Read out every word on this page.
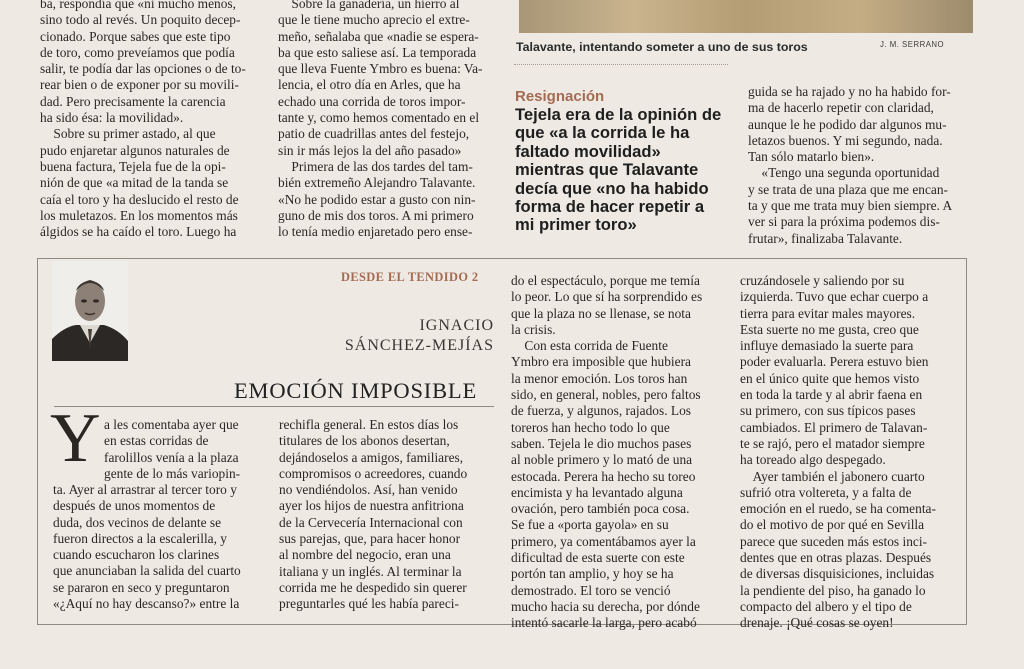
ba, respondía que «ni mucho menos,
sino todo al revés. Un poquito decep-
cionado. Porque sabes que este tipo
de toro, como preveíamos que podía
salir, te podía dar las opciones o de to-
rear bien o de exponer por su movili-
dad. Pero precisamente la carencia
ha sido ésa: la movilidad».
Sobre su primer astado, al que
pudo enjaretar algunos naturales de
buena factura, Tejela fue de la opi-
nión de que «a mitad de la tanda se
caía el toro y ha deslucido el resto de
los muletazos. En los momentos más
álgidos se ha caído el toro. Luego ha
Sobre la ganadería, un hierro al
que le tiene mucho aprecio el extre-
meño, señalaba que «nadie se espera-
ba que esto saliese así. La temporada
que lleva Fuente Ymbro es buena: Va-
lencia, el otro día en Arles, que ha
echado una corrida de toros impor-
tante y, como hemos comentado en el
patio de cuadrillas antes del festejo,
sin ir más lejos la del año pasado»
Primera de las dos tardes del tam-
bién extremeño Alejandro Talavante.
«No he podido estar a gusto con nin-
guno de mis dos toros. A mi primero
lo tenía medio enjaretado pero ense-
Talavante, intentando someter a uno de sus toros	J. M. SERRANO
Resignación
Tejela era de la opinión de
que «a la corrida le ha
faltado movilidad»
mientras que Talavante
decía que «no ha habido
forma de hacer repetir a
mi primer toro»
guida se ha rajado y no ha habido for-
ma de hacerlo repetir con claridad,
aunque le he podido dar algunos mu-
letazos buenos. Y mi segundo, nada.
Tan sólo matarlo bien».
«Tengo una segunda oportunidad
y se trata de una plaza que me encan-
ta y que me trata muy bien siempre. A
ver si para la próxima podemos dis-
frutar», finalizaba Talavante.
DESDE EL TENDIDO 2
IGNACIO
SÁNCHEZ-MEJÍAS
EMOCIÓN IMPOSIBLE
Y a les comentaba ayer que
en estas corridas de
farolillos venía a la plaza
gente de lo más variopin-
ta. Ayer al arrastrar al tercer toro y
después de unos momentos de
duda, dos vecinos de delante se
fueron directos a la escalerilla, y
cuando escucharon los clarines
que anunciaban la salida del cuarto
se pararon en seco y preguntaron
«¿Aquí no hay descanso?» entre la
rechifla general. En estos días los
titulares de los abonos desertan,
dejándoselos a amigos, familiares,
compromisos o acreedores, cuando
no vendiéndolos. Así, han venido
ayer los hijos de nuestra anfitriona
de la Cervecería Internacional con
sus parejas, que, para hacer honor
al nombre del negocio, eran una
italiana y un inglés. Al terminar la
corrida me he despedido sin querer
preguntarles qué les había pareci-
do el espectáculo, porque me temía
lo peor. Lo que sí ha sorprendido es
que la plaza no se llenase, se nota
la crisis.
Con esta corrida de Fuente
Ymbro era imposible que hubiera
la menor emoción. Los toros han
sido, en general, nobles, pero faltos
de fuerza, y algunos, rajados. Los
toreros han hecho todo lo que
saben. Tejela le dio muchos pases
al noble primero y lo mató de una
estocada. Perera ha hecho su toreo
encimista y ha levantado alguna
ovación, pero también poca cosa.
Se fue a «porta gayola» en su
primero, ya comentábamos ayer la
dificultad de esta suerte con este
portón tan amplio, y hoy se ha
demostrado. El toro se venció
mucho hacia su derecha, por dónde
intentó sacarle la larga, pero acabó
cruzándosele y saliendo por su
izquierda. Tuvo que echar cuerpo a
tierra para evitar males mayores.
Esta suerte no me gusta, creo que
influye demasiado la suerte para
poder evaluarla. Perera estuvo bien
en el único quite que hemos visto
en toda la tarde y al abrir faena en
su primero, con sus típicos pases
cambiados. El primero de Talavan-
te se rajó, pero el matador siempre
ha toreado algo despegado.
Ayer también el jabonero cuarto
sufrió otra voltereta, y a falta de
emoción en el ruedo, se ha comenta-
do el motivo de por qué en Sevilla
parece que suceden más estos inci-
dentes que en otras plazas. Después
de diversas disquisiciones, incluidas
la pendiente del piso, ha ganado lo
compacto del albero y el tipo de
drenaje. ¡Qué cosas se oyen!
